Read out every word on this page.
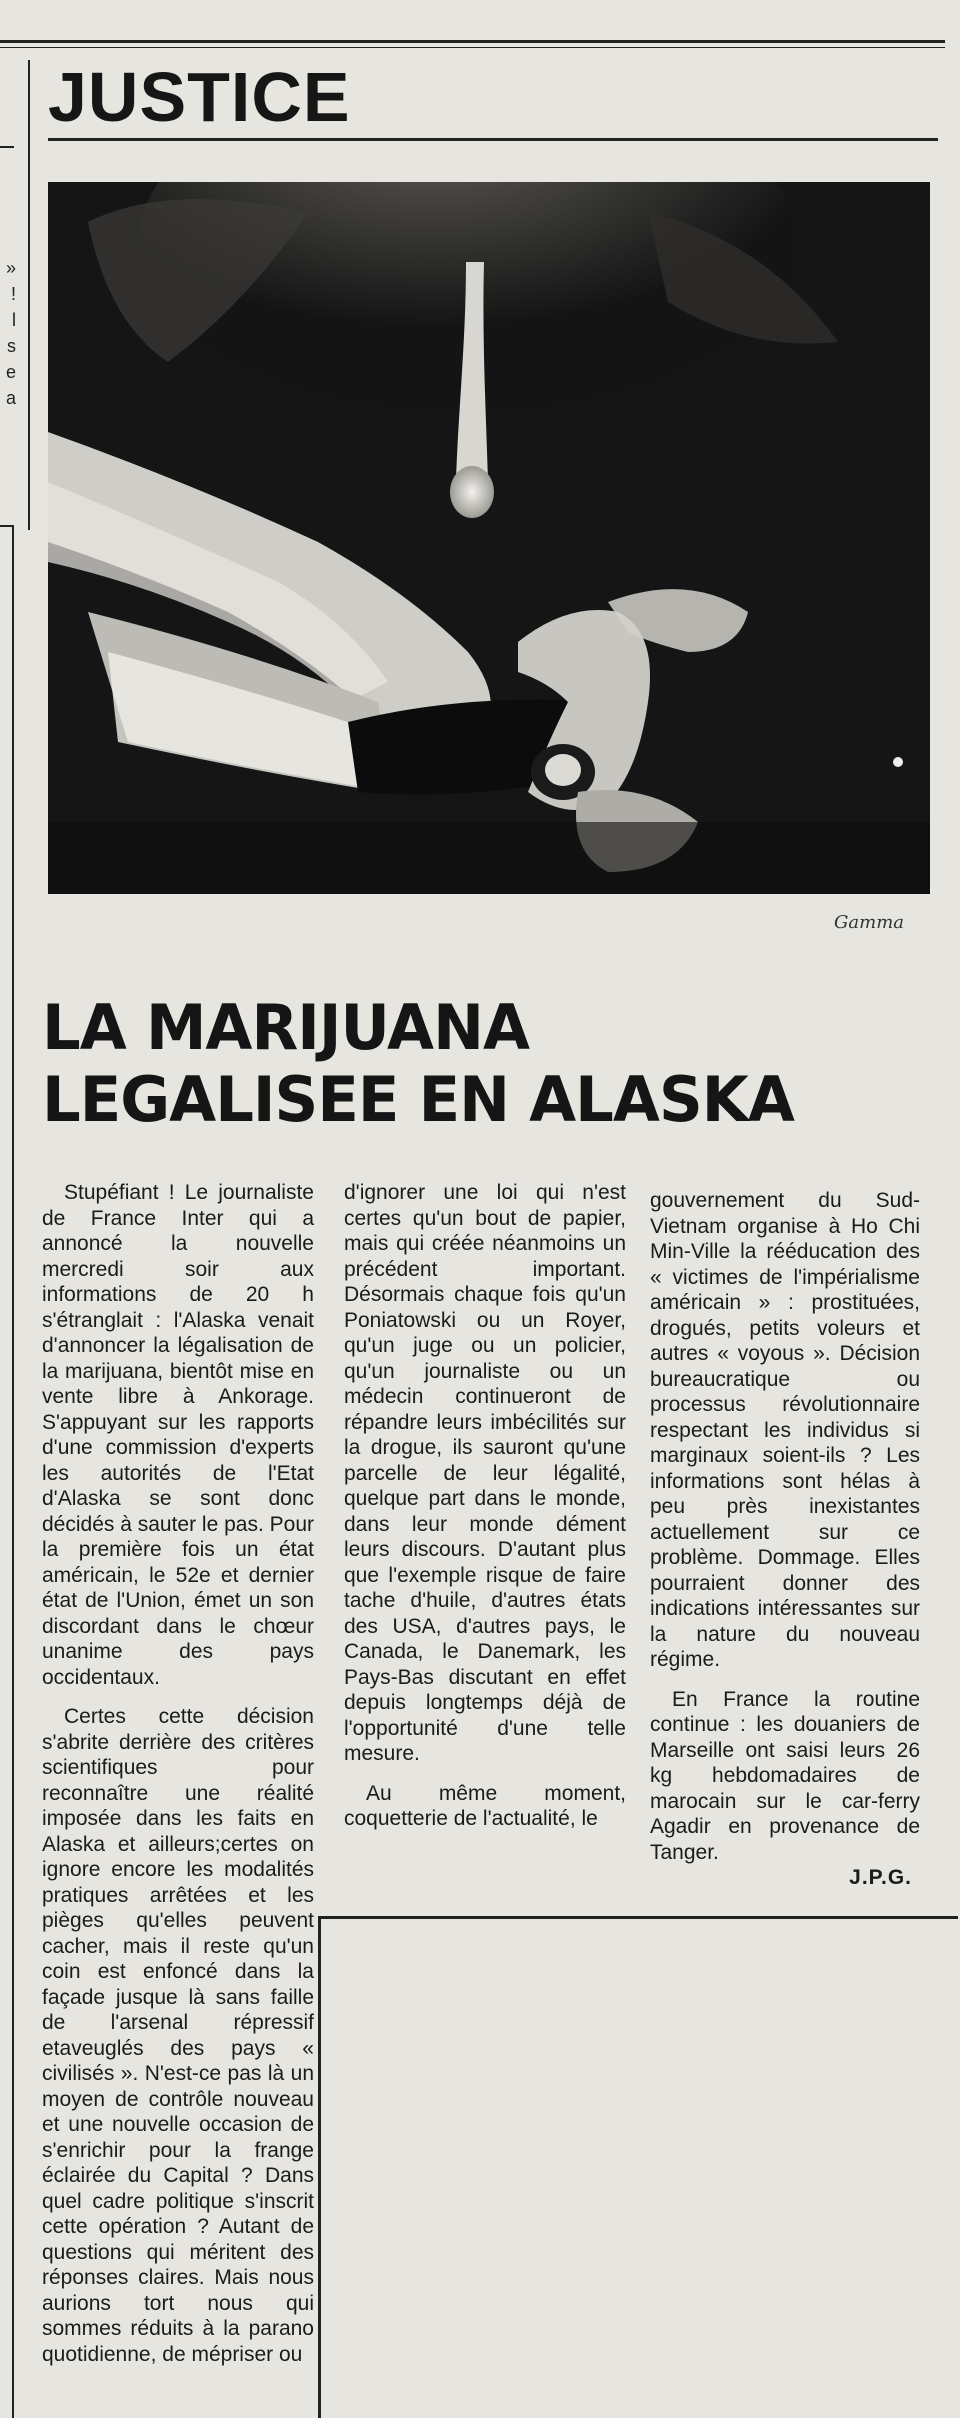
JUSTICE
»
!
l
s
e
a
Gamma
LA MARIJUANA LEGALISEE EN ALASKA

Stupéfiant ! Le journaliste de France Inter qui a annoncé la nouvelle mercredi soir aux informations de 20 h s'étranglait : l'Alaska venait d'annoncer la légalisation de la marijuana, bientôt mise en vente libre à Ankorage. S'appuyant sur les rapports d'une commission d'experts les autorités de l'Etat d'Alaska se sont donc décidés à sauter le pas. Pour la première fois un état américain, le 52e et dernier état de l'Union, émet un son discordant dans le chœur unanime des pays occidentaux.

Certes cette décision s'abrite derrière des critères scientifiques pour reconnaître une réalité imposée dans les faits en Alaska et ailleurs;certes on ignore encore les modalités pratiques arrêtées et les pièges qu'elles peuvent cacher, mais il reste qu'un coin est enfoncé dans la façade jusque là sans faille de l'arsenal répressif etaveuglés des pays « civilisés ». N'est-ce pas là un moyen de contrôle nouveau et une nouvelle occasion de s'enrichir pour la frange éclairée du Capital ? Dans quel cadre politique s'inscrit cette opération ? Autant de questions qui méritent des réponses claires. Mais nous aurions tort nous qui sommes réduits à la parano quotidienne, de mépriser ou

d'ignorer une loi qui n'est certes qu'un bout de papier, mais qui créée néanmoins un précédent important. Désormais chaque fois qu'un Poniatowski ou un Royer, qu'un juge ou un policier, qu'un journaliste ou un médecin continueront de répandre leurs imbécilités sur la drogue, ils sauront qu'une parcelle de leur légalité, quelque part dans le monde, dans leur monde dément leurs discours. D'autant plus que l'exemple risque de faire tache d'huile, d'autres états des USA, d'autres pays, le Canada, le Danemark, les Pays-Bas discutant en effet depuis longtemps déjà de l'opportunité d'une telle mesure.

Au même moment, coquetterie de l'actualité, le

gouvernement du Sud-Vietnam organise à Ho Chi Min-Ville la rééducation des « victimes de l'impérialisme américain » : prostituées, drogués, petits voleurs et autres « voyous ». Décision bureaucratique ou processus révolutionnaire respectant les individus si marginaux soient-ils ? Les informations sont hélas à peu près inexistantes actuellement sur ce problème. Dommage. Elles pourraient donner des indications intéressantes sur la nature du nouveau régime.

En France la routine continue : les douaniers de Marseille ont saisi leurs 26 kg hebdomadaires de marocain sur le car-ferry Agadir en provenance de Tanger.

J.P.G.
